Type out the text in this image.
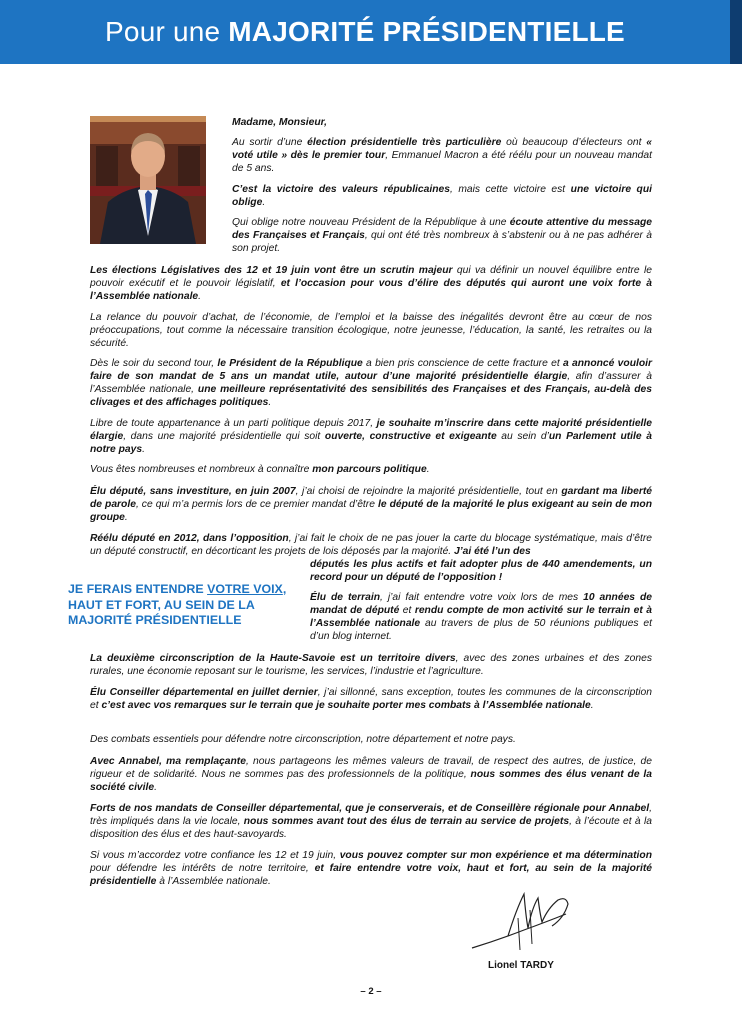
Pour une MAJORITÉ PRÉSIDENTIELLE

Madame, Monsieur,

Au sortir d’une élection présidentielle très particulière où beaucoup d’électeurs ont « voté utile » dès le premier tour, Emmanuel Macron a été réélu pour un nouveau mandat de 5 ans.

C’est la victoire des valeurs républicaines, mais cette victoire est une victoire qui oblige.

Qui oblige notre nouveau Président de la République à une écoute attentive du message des Françaises et Français, qui ont été très nombreux à s’abstenir ou à ne pas adhérer à son projet.

Les élections Législatives des 12 et 19 juin vont être un scrutin majeur qui va définir un nouvel équilibre entre le pouvoir exécutif et le pouvoir législatif, et l’occasion pour vous d’élire des députés qui auront une voix forte à l’Assemblée nationale.

La relance du pouvoir d’achat, de l’économie, de l’emploi et la baisse des inégalités devront être au cœur de nos préoccupations, tout comme la nécessaire transition écologique, notre jeunesse, l’éducation, la santé, les retraites ou la sécurité.

Dès le soir du second tour, le Président de la République a bien pris conscience de cette fracture et a annoncé vouloir faire de son mandat de 5 ans un mandat utile, autour d’une majorité présidentielle élargie, afin d’assurer à l’Assemblée nationale, une meilleure représentativité des sensibilités des Françaises et des Français, au-delà des clivages et des affichages politiques.

Libre de toute appartenance à un parti politique depuis 2017, je souhaite m’inscrire dans cette majorité présidentielle élargie, dans une majorité présidentielle qui soit ouverte, constructive et exigeante au sein d’un Parlement utile à notre pays.

Vous êtes nombreuses et nombreux à connaître mon parcours politique.

Élu député, sans investiture, en juin 2007, j’ai choisi de rejoindre la majorité présidentielle, tout en gardant ma liberté de parole, ce qui m’a permis lors de ce premier mandat d’être le député de la majorité le plus exigeant au sein de mon groupe.

Réélu député en 2012, dans l’opposition, j’ai fait le choix de ne pas jouer la carte du blocage systématique, mais d’être un député constructif, en décorticant les projets de lois déposés par la majorité. J’ai été l’un des

députés les plus actifs et fait adopter plus de 440 amendements, un record pour un député de l’opposition !

JE FERAIS ENTENDRE VOTRE VOIX, HAUT ET FORT, AU SEIN DE LA MAJORITÉ PRÉSIDENTIELLE

Élu de terrain, j’ai fait entendre votre voix lors de mes 10 années de mandat de député et rendu compte de mon activité sur le terrain et à l’Assemblée nationale au travers de plus de 50 réunions publiques et d’un blog internet.

La deuxième circonscription de la Haute-Savoie est un territoire divers, avec des zones urbaines et des zones rurales, une économie reposant sur le tourisme, les services, l’industrie et l’agriculture.

Élu Conseiller départemental en juillet dernier, j’ai sillonné, sans exception, toutes les communes de la circonscription et c’est avec vos remarques sur le terrain que je souhaite porter mes combats à l’Assemblée nationale.

Des combats essentiels pour défendre notre circonscription, notre département et notre pays.

Avec Annabel, ma remplaçante, nous partageons les mêmes valeurs de travail, de respect des autres, de justice, de rigueur et de solidarité. Nous ne sommes pas des professionnels de la politique, nous sommes des élus venant de la société civile.

Forts de nos mandats de Conseiller départemental, que je conserverais, et de Conseillère régionale pour Annabel, très impliqués dans la vie locale, nous sommes avant tout des élus de terrain au service de projets, à l’écoute et à la disposition des élus et des haut-savoyards.

Si vous m’accordez votre confiance les 12 et 19 juin, vous pouvez compter sur mon expérience et ma détermination pour défendre les intérêts de notre territoire, et faire entendre votre voix, haut et fort, au sein de la majorité présidentielle à l’Assemblée nationale.

Lionel TARDY
– 2 –
